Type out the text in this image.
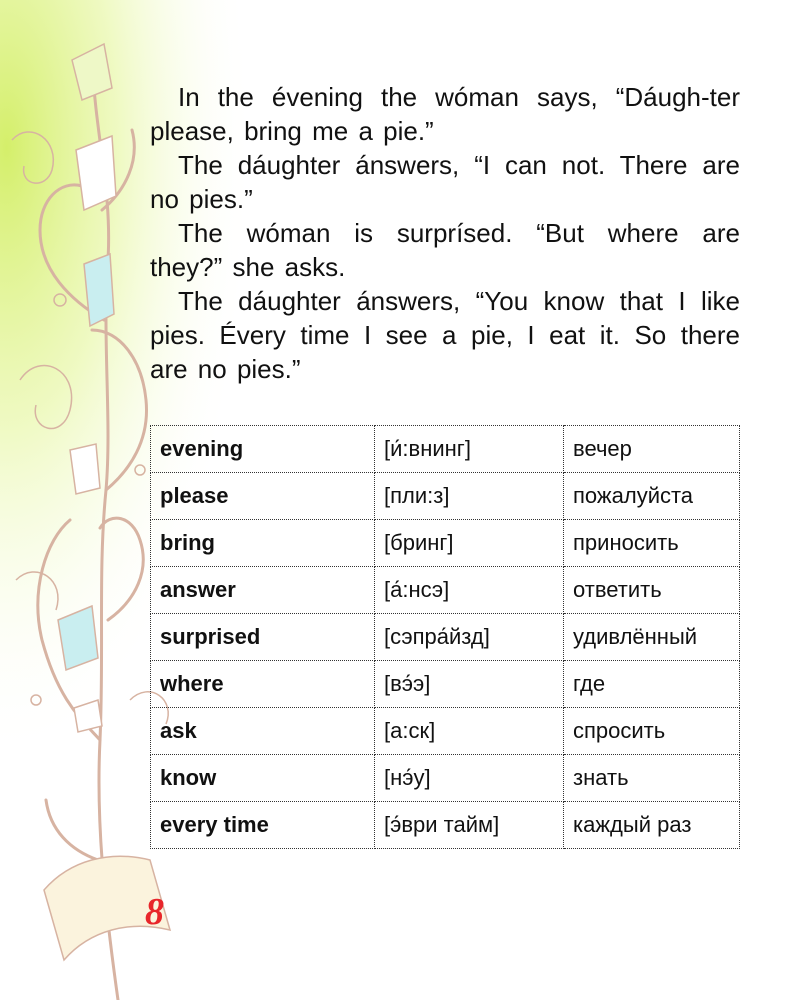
In the évening the wóman says, “Dáugh-ter please, bring me a pie.”

The dáughter ánswers, “I can not. There are no pies.”

The wóman is surprísed. “But where are they?” she asks.

The dáughter ánswers, “You know that I like pies. Évery time I see a pie, I eat it. So there are no pies.”

evening	[и́:внинг]	вечер
please	[пли:з]	пожалуйста
bring	[бринг]	приносить
answer	[а́:нсэ]	ответить
surprised	[сэпра́йзд]	удивлённый
where	[вэ́э]	где
ask	[а:ск]	спросить
know	[нэ́у]	знать
every time	[э́ври тайм]	каждый раз
8
